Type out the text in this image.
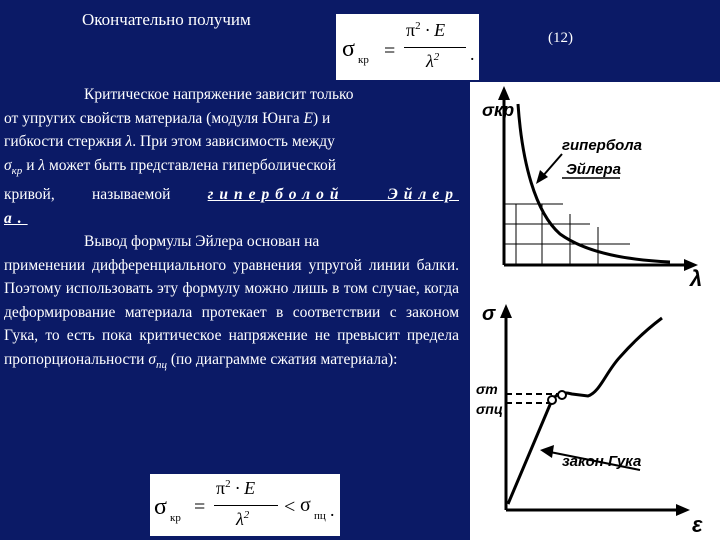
Окончательно получим
(12)
σ кр =
$\pi^2 \cdot E$
$\lambda^2$ .

Критическое напряжение зависит только

от упругих свойств материала (модуля Юнга E) и

гибкости стержня λ. При этом зависимость между

$\sigma_{кр}$ и λ может быть представлена гиперболической

кривой, называемой гиперболой Эйлер

а.

Вывод формулы Эйлера основан на

применении дифференциального уравнения упругой линии балки. Поэтому использовать эту формулу можно лишь в том случае, когда деформирование материала протекает в соответствии с законом Гука, то есть пока критическое напряжение не превысит предела пропорциональности $\sigma_{пц}$ (по диаграмме сжатия материала):

σ кр =
$\pi^2 \cdot E$
$\lambda^2 < \sigma$ пц .
σкр
λ
гипербола
Эйлера
σ
ε
σт
σпц
закон Гука
